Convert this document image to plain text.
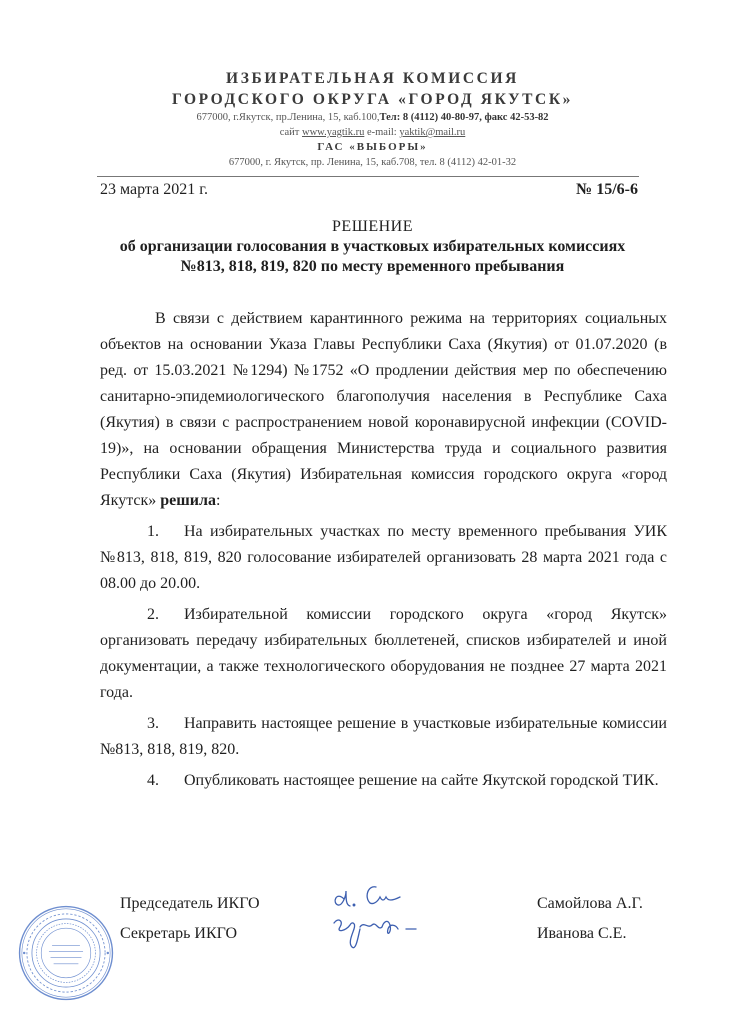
ИЗБИРАТЕЛЬНАЯ КОМИССИЯ
ГОРОДСКОГО ОКРУГА «ГОРОД ЯКУТСК»
677000, г.Якутск, пр.Ленина, 15, каб.100,Тел: 8 (4112) 40-80-97, факс 42-53-82
сайт www.yagtik.ru e-mail: yaktik@mail.ru
ГАС «ВЫБОРЫ»
677000, г. Якутск, пр. Ленина, 15, каб.708, тел. 8 (4112) 42-01-32
23 марта 2021 г.	№ 15/6-6
РЕШЕНИЕ
об организации голосования в участковых избирательных комиссиях
№813, 818, 819, 820 по месту временного пребывания

В связи с действием карантинного режима на территориях социальных объектов на основании Указа Главы Республики Саха (Якутия) от 01.07.2020 (в ред. от 15.03.2021 №1294) №1752 «О продлении действия мер по обеспечению санитарно-эпидемиологического благополучия населения в Республике Саха (Якутия) в связи с распространением новой коронавирусной инфекции (COVID-19)», на основании обращения Министерства труда и социального развития Республики Саха (Якутия) Избирательная комиссия городского округа «город Якутск» решила:

1. На избирательных участках по месту временного пребывания УИК №813, 818, 819, 820 голосование избирателей организовать 28 марта 2021 года с 08.00 до 20.00.

2. Избирательной комиссии городского округа «город Якутск» организовать передачу избирательных бюллетеней, списков избирателей и иной документации, а также технологического оборудования не позднее 27 марта 2021 года.

3. Направить настоящее решение в участковые избирательные комиссии №813, 818, 819, 820.

4. Опубликовать настоящее решение на сайте Якутской городской ТИК.

Председатель ИКГО	Самойлова А.Г.
Секретарь ИКГО	Иванова С.Е.
